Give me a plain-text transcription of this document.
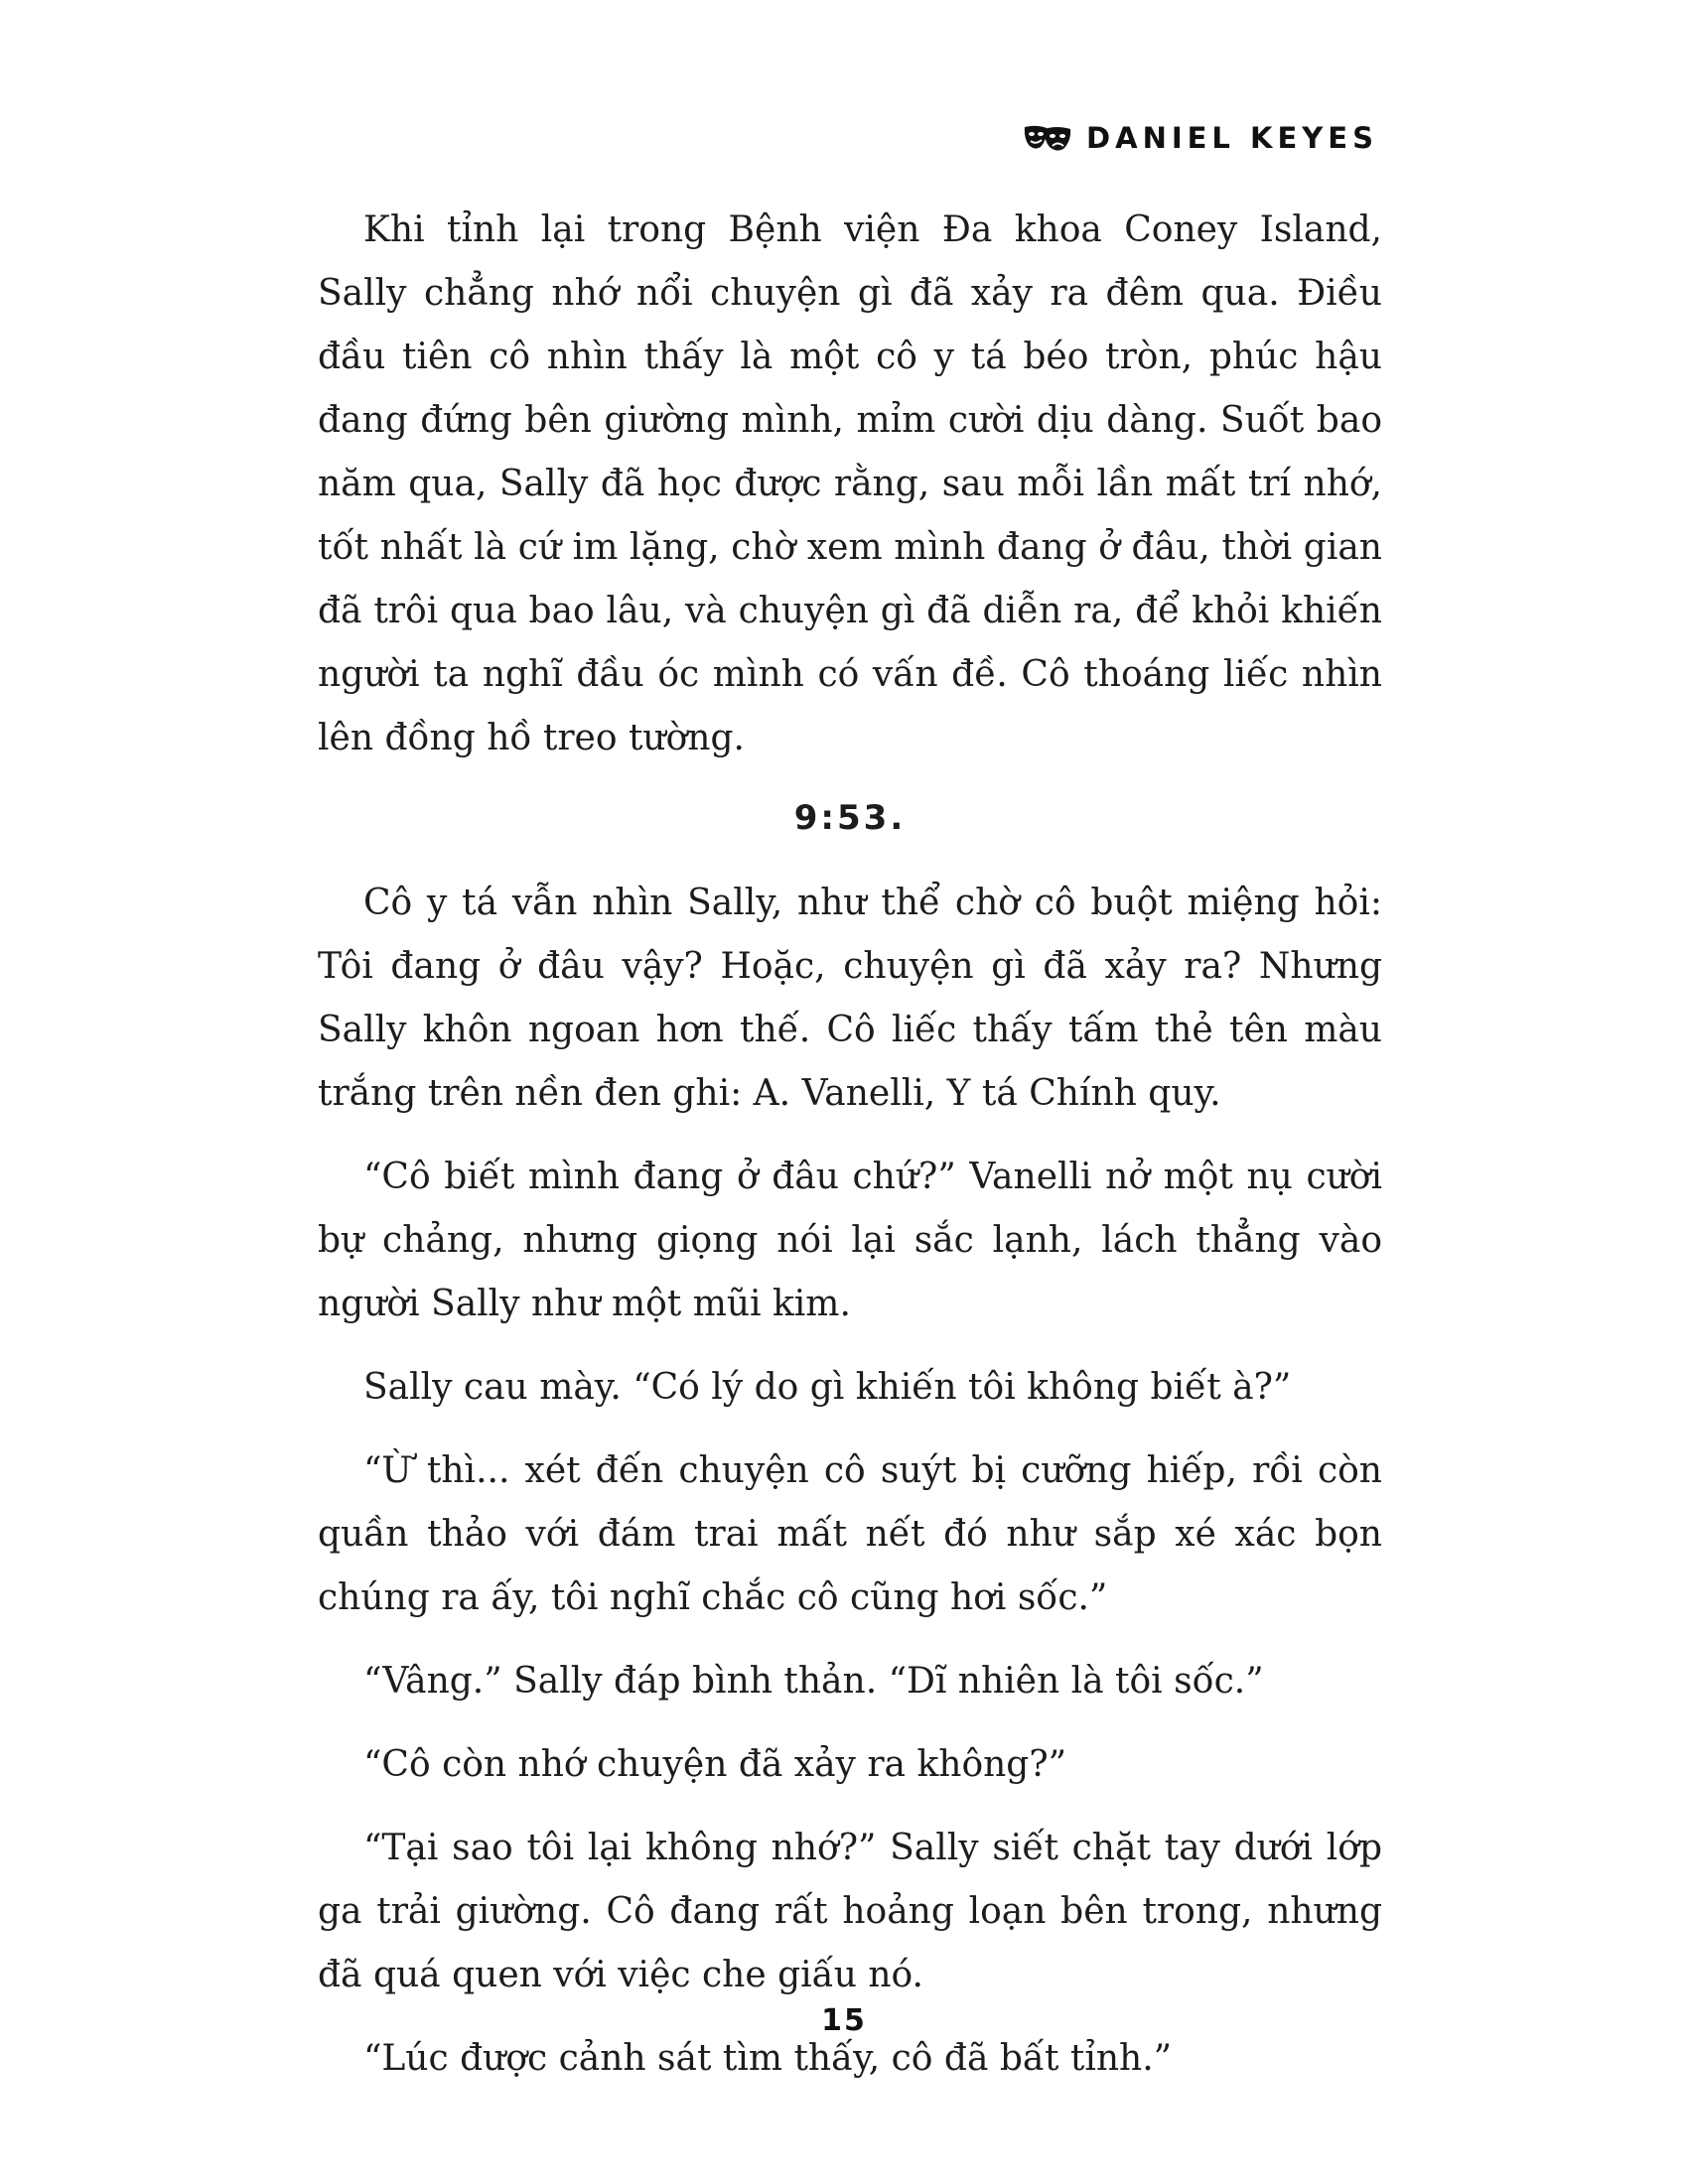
DANIEL KEYES

Khi tỉnh lại trong Bệnh viện Đa khoa Coney Island, Sally chẳng nhớ nổi chuyện gì đã xảy ra đêm qua. Điều đầu tiên cô nhìn thấy là một cô y tá béo tròn, phúc hậu đang đứng bên giường mình, mỉm cười dịu dàng. Suốt bao năm qua, Sally đã học được rằng, sau mỗi lần mất trí nhớ, tốt nhất là cứ im lặng, chờ xem mình đang ở đâu, thời gian đã trôi qua bao lâu, và chuyện gì đã diễn ra, để khỏi khiến người ta nghĩ đầu óc mình có vấn đề. Cô thoáng liếc nhìn lên đồng hồ treo tường.

9:53.

Cô y tá vẫn nhìn Sally, như thể chờ cô buột miệng hỏi: Tôi đang ở đâu vậy? Hoặc, chuyện gì đã xảy ra? Nhưng Sally khôn ngoan hơn thế. Cô liếc thấy tấm thẻ tên màu trắng trên nền đen ghi: A. Vanelli, Y tá Chính quy.

“Cô biết mình đang ở đâu chứ?” Vanelli nở một nụ cười bự chảng, nhưng giọng nói lại sắc lạnh, lách thẳng vào người Sally như một mũi kim.

Sally cau mày. “Có lý do gì khiến tôi không biết à?”

“Ừ thì... xét đến chuyện cô suýt bị cưỡng hiếp, rồi còn quần thảo với đám trai mất nết đó như sắp xé xác bọn chúng ra ấy, tôi nghĩ chắc cô cũng hơi sốc.”

“Vâng.” Sally đáp bình thản. “Dĩ nhiên là tôi sốc.”

“Cô còn nhớ chuyện đã xảy ra không?”

“Tại sao tôi lại không nhớ?” Sally siết chặt tay dưới lớp ga trải giường. Cô đang rất hoảng loạn bên trong, nhưng đã quá quen với việc che giấu nó.

“Lúc được cảnh sát tìm thấy, cô đã bất tỉnh.”

15
